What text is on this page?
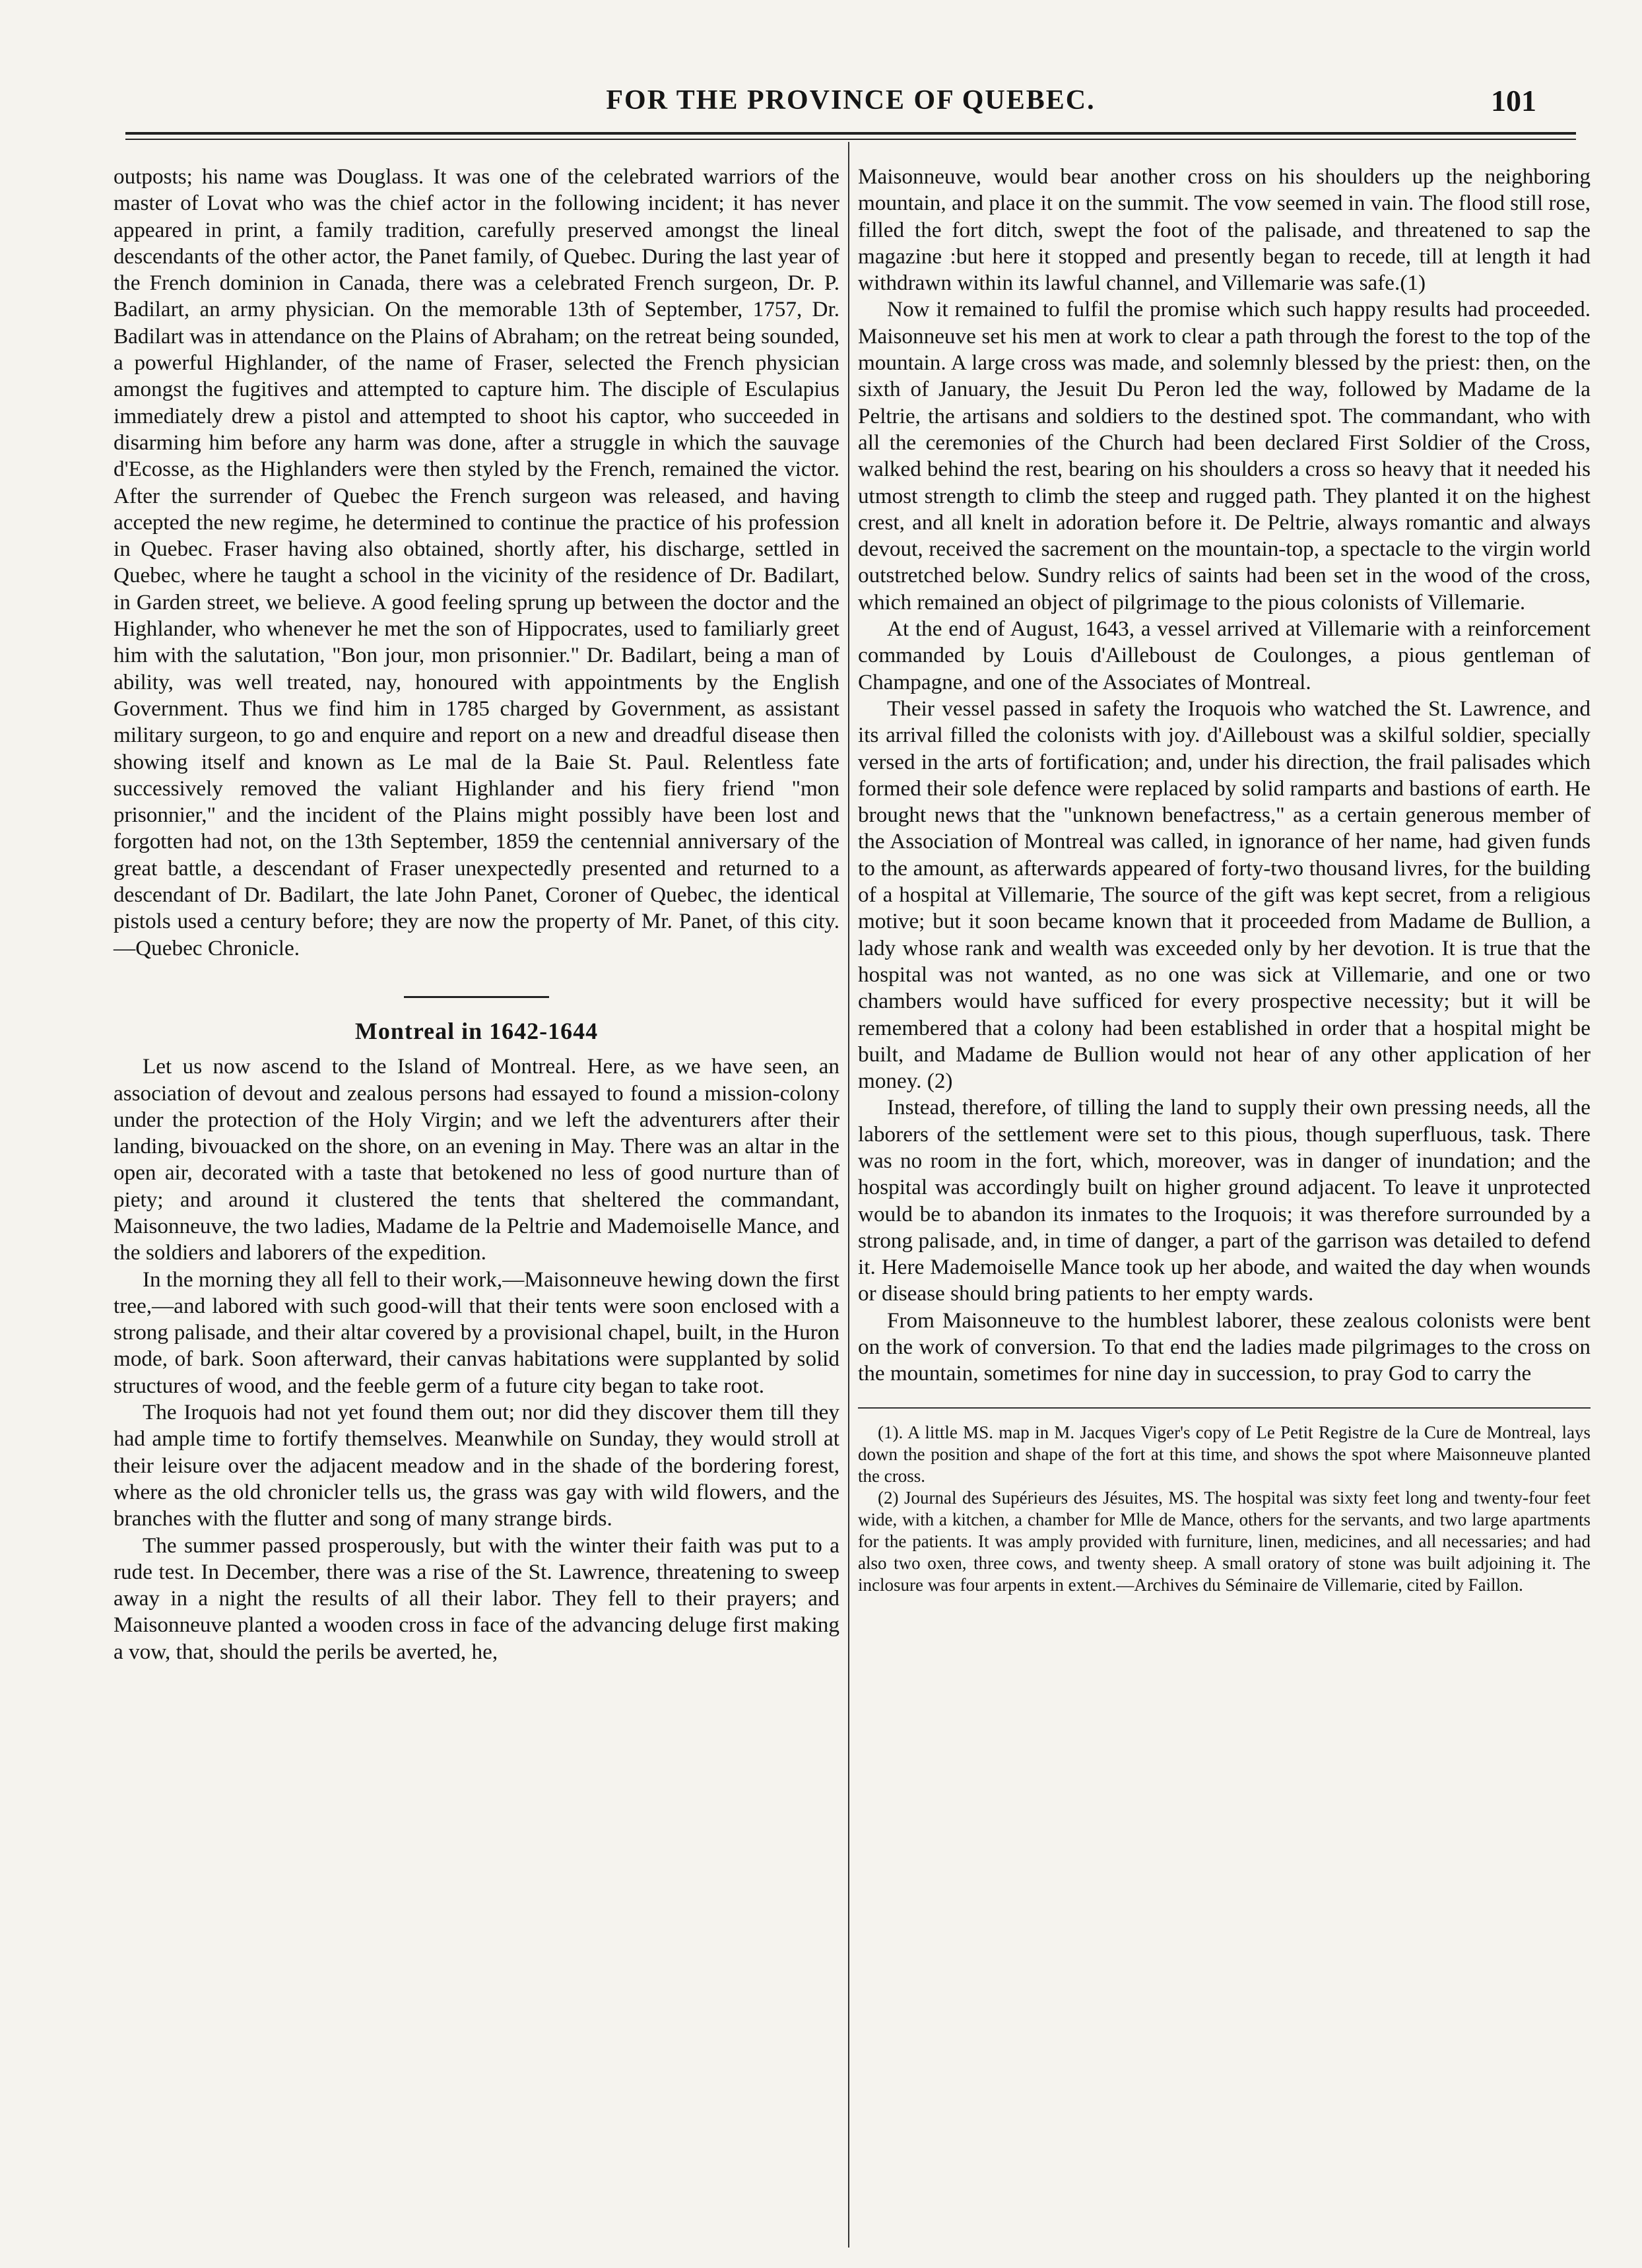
FOR THE PROVINCE OF QUEBEC.	101

outposts; his name was Douglass. It was one of the celebrated warriors of the master of Lovat who was the chief actor in the following incident; it has never appeared in print, a family tradition, carefully preserved amongst the lineal descendants of the other actor, the Panet family, of Quebec. During the last year of the French dominion in Canada, there was a celebrated French surgeon, Dr. P. Badilart, an army physician. On the memorable 13th of September, 1757, Dr. Badilart was in attendance on the Plains of Abraham; on the retreat being sounded, a powerful Highlander, of the name of Fraser, selected the French physician amongst the fugitives and attempted to capture him. The disciple of Esculapius immediately drew a pistol and attempted to shoot his captor, who succeeded in disarming him before any harm was done, after a struggle in which the sauvage d'Ecosse, as the Highlanders were then styled by the French, remained the victor. After the surrender of Quebec the French surgeon was released, and having accepted the new regime, he determined to continue the practice of his profession in Quebec. Fraser having also obtained, shortly after, his discharge, settled in Quebec, where he taught a school in the vicinity of the residence of Dr. Badilart, in Garden street, we believe. A good feeling sprung up between the doctor and the Highlander, who whenever he met the son of Hippocrates, used to familiarly greet him with the salutation, "Bon jour, mon prisonnier." Dr. Badilart, being a man of ability, was well treated, nay, honoured with appointments by the English Government. Thus we find him in 1785 charged by Government, as assistant military surgeon, to go and enquire and report on a new and dreadful disease then showing itself and known as Le mal de la Baie St. Paul. Relentless fate successively removed the valiant Highlander and his fiery friend "mon prisonnier," and the incident of the Plains might possibly have been lost and forgotten had not, on the 13th September, 1859 the centennial anniversary of the great battle, a descendant of Fraser unexpectedly presented and returned to a descendant of Dr. Badilart, the late John Panet, Coroner of Quebec, the identical pistols used a century before; they are now the property of Mr. Panet, of this city.—Quebec Chronicle.

Montreal in 1642-1644

Let us now ascend to the Island of Montreal. Here, as we have seen, an association of devout and zealous persons had essayed to found a mission-colony under the protection of the Holy Virgin; and we left the adventurers after their landing, bivouacked on the shore, on an evening in May. There was an altar in the open air, decorated with a taste that betokened no less of good nurture than of piety; and around it clustered the tents that sheltered the commandant, Maisonneuve, the two ladies, Madame de la Peltrie and Mademoiselle Mance, and the soldiers and laborers of the expedition.

In the morning they all fell to their work,—Maisonneuve hewing down the first tree,—and labored with such good-will that their tents were soon enclosed with a strong palisade, and their altar covered by a provisional chapel, built, in the Huron mode, of bark. Soon afterward, their canvas habitations were supplanted by solid structures of wood, and the feeble germ of a future city began to take root.

The Iroquois had not yet found them out; nor did they discover them till they had ample time to fortify themselves. Meanwhile on Sunday, they would stroll at their leisure over the adjacent meadow and in the shade of the bordering forest, where as the old chronicler tells us, the grass was gay with wild flowers, and the branches with the flutter and song of many strange birds.

The summer passed prosperously, but with the winter their faith was put to a rude test. In December, there was a rise of the St. Lawrence, threatening to sweep away in a night the results of all their labor. They fell to their prayers; and Maisonneuve planted a wooden cross in face of the advancing deluge first making a vow, that, should the perils be averted, he,

Maisonneuve, would bear another cross on his shoulders up the neighboring mountain, and place it on the summit. The vow seemed in vain. The flood still rose, filled the fort ditch, swept the foot of the palisade, and threatened to sap the magazine :but here it stopped and presently began to recede, till at length it had withdrawn within its lawful channel, and Villemarie was safe.(1)

Now it remained to fulfil the promise which such happy results had proceeded. Maisonneuve set his men at work to clear a path through the forest to the top of the mountain. A large cross was made, and solemnly blessed by the priest: then, on the sixth of January, the Jesuit Du Peron led the way, followed by Madame de la Peltrie, the artisans and soldiers to the destined spot. The commandant, who with all the ceremonies of the Church had been declared First Soldier of the Cross, walked behind the rest, bearing on his shoulders a cross so heavy that it needed his utmost strength to climb the steep and rugged path. They planted it on the highest crest, and all knelt in adoration before it. De Peltrie, always romantic and always devout, received the sacrement on the mountain-top, a spectacle to the virgin world outstretched below. Sundry relics of saints had been set in the wood of the cross, which remained an object of pilgrimage to the pious colonists of Villemarie.

At the end of August, 1643, a vessel arrived at Villemarie with a reinforcement commanded by Louis d'Ailleboust de Coulonges, a pious gentleman of Champagne, and one of the Associates of Montreal.

Their vessel passed in safety the Iroquois who watched the St. Lawrence, and its arrival filled the colonists with joy. d'Ailleboust was a skilful soldier, specially versed in the arts of fortification; and, under his direction, the frail palisades which formed their sole defence were replaced by solid ramparts and bastions of earth. He brought news that the "unknown benefactress," as a certain generous member of the Association of Montreal was called, in ignorance of her name, had given funds to the amount, as afterwards appeared of forty-two thousand livres, for the building of a hospital at Villemarie, The source of the gift was kept secret, from a religious motive; but it soon became known that it proceeded from Madame de Bullion, a lady whose rank and wealth was exceeded only by her devotion. It is true that the hospital was not wanted, as no one was sick at Villemarie, and one or two chambers would have sufficed for every prospective necessity; but it will be remembered that a colony had been established in order that a hospital might be built, and Madame de Bullion would not hear of any other application of her money. (2)

Instead, therefore, of tilling the land to supply their own pressing needs, all the laborers of the settlement were set to this pious, though superfluous, task. There was no room in the fort, which, moreover, was in danger of inundation; and the hospital was accordingly built on higher ground adjacent. To leave it unprotected would be to abandon its inmates to the Iroquois; it was therefore surrounded by a strong palisade, and, in time of danger, a part of the garrison was detailed to defend it. Here Mademoiselle Mance took up her abode, and waited the day when wounds or disease should bring patients to her empty wards.

From Maisonneuve to the humblest laborer, these zealous colonists were bent on the work of conversion. To that end the ladies made pilgrimages to the cross on the mountain, sometimes for nine day in succession, to pray God to carry the

(1). A little MS. map in M. Jacques Viger's copy of Le Petit Registre de la Cure de Montreal, lays down the position and shape of the fort at this time, and shows the spot where Maisonneuve planted the cross.

(2) Journal des Supérieurs des Jésuites, MS. The hospital was sixty feet long and twenty-four feet wide, with a kitchen, a chamber for Mlle de Mance, others for the servants, and two large apartments for the patients. It was amply provided with furniture, linen, medicines, and all necessaries; and had also two oxen, three cows, and twenty sheep. A small oratory of stone was built adjoining it. The inclosure was four arpents in extent.—Archives du Séminaire de Villemarie, cited by Faillon.
